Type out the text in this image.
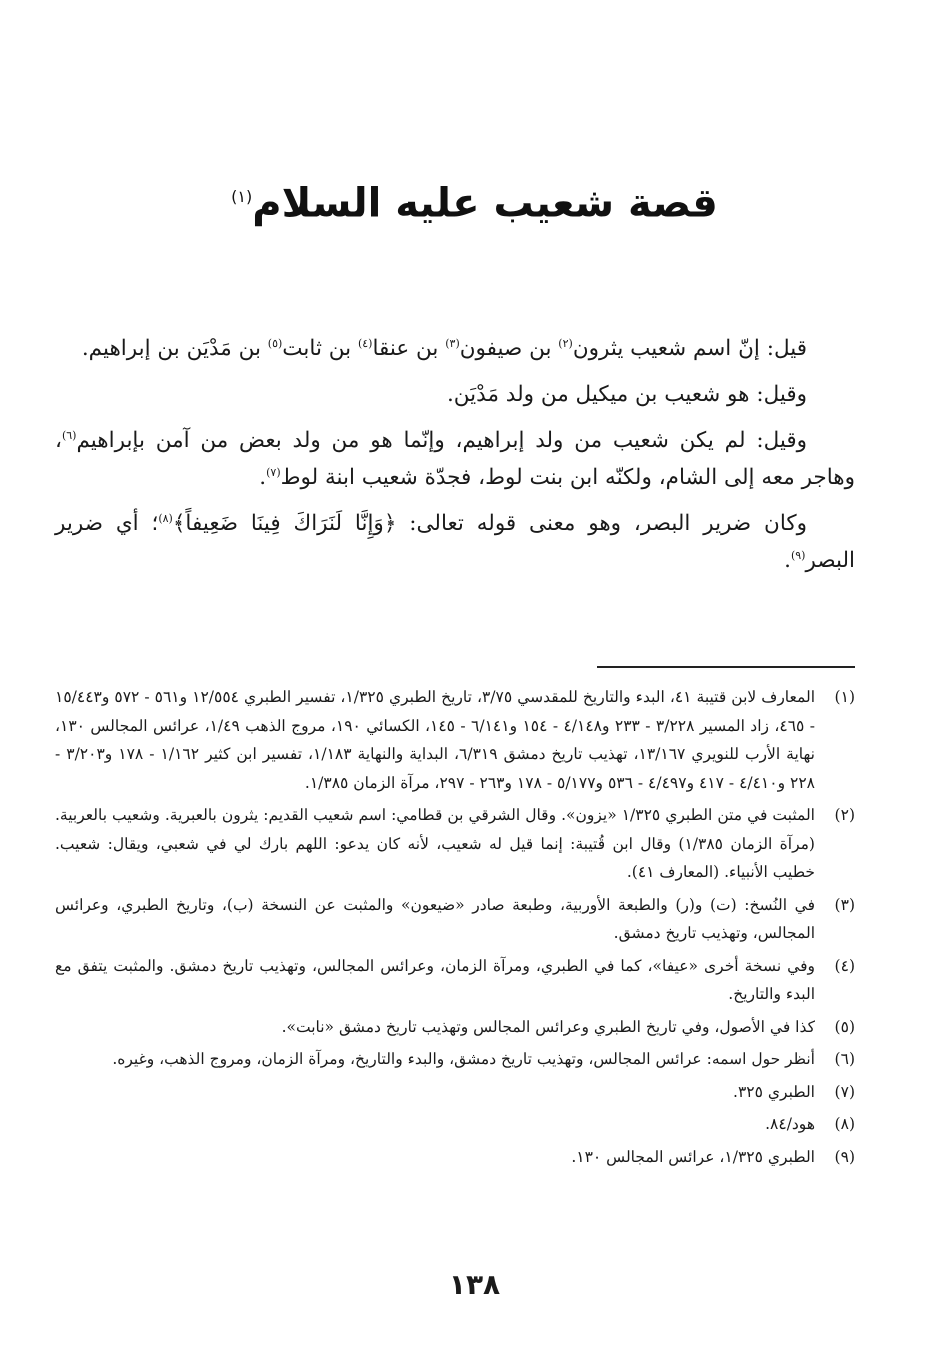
قصة شعيب عليه السلام$^{(١)}$

قيل: إنّ اسم شعيب يثرون$^{(٢)}$ بن صيفون$^{(٣)}$ بن عنقا$^{(٤)}$ بن ثابت$^{(٥)}$ بن مَدْيَن بن إبراهيم.

وقيل: هو شعيب بن ميكيل من ولد مَدْيَن.

وقيل: لم يكن شعيب من ولد إبراهيم، وإنّما هو من ولد بعض من آمن بإبراهيم$^{(٦)}$، وهاجر معه إلى الشام، ولكنّه ابن بنت لوط، فجدّة شعيب ابنة لوط$^{(٧)}$.

وكان ضرير البصر، وهو معنى قوله تعالى: ﴿وَإِنَّا لَنَرَاكَ فِينَا ضَعِيفاً﴾$^{(٨)}$؛ أي ضرير البصر$^{(٩)}$.

(١)
المعارف لابن قتيبة ٤١، البدء والتاريخ للمقدسي ٣/٧٥، تاريخ الطبري ١/٣٢٥، تفسير الطبري ١٢/٥٥٤ و٥٦١ - ٥٧٢ و١٥/٤٤٣ - ٤٦٥، زاد المسير ٣/٢٢٨ - ٢٣٣ و٤/١٤٨ - ١٥٤ و٦/١٤١ - ١٤٥، الكسائي ١٩٠، مروج الذهب ١/٤٩، عرائس المجالس ١٣٠، نهاية الأرب للنويري ١٣/١٦٧، تهذيب تاريخ دمشق ٦/٣١٩، البداية والنهاية ١/١٨٣، تفسير ابن كثير ١/١٦٢ - ١٧٨ و٣/٢٠٣ - ٢٢٨ و٤/٤١٠ - ٤١٧ و٤/٤٩٧ - ٥٣٦ و٥/١٧٧ - ١٧٨ و٢٦٣ - ٢٩٧، مرآة الزمان ١/٣٨٥.
(٢)
المثبت في متن الطبري ١/٣٢٥ «يزون». وقال الشرقي بن قطامي: اسم شعيب القديم: يثرون بالعبرية. وشعيب بالعربية. (مرآة الزمان ١/٣٨٥) وقال ابن قُتيبة: إنما قيل له شعيب، لأنه كان يدعو: اللهم بارك لي في شعبي، ويقال: شعيب. خطيب الأنبياء. (المعارف ٤١).
(٣)
في النُسخ: (ت) و(ر) والطبعة الأوربية، وطبعة صادر «ضيعون» والمثبت عن النسخة (ب)، وتاريخ الطبري، وعرائس المجالس، وتهذيب تاريخ دمشق.
(٤)
وفي نسخة أخرى «عيفا»، كما في الطبري، ومرآة الزمان، وعرائس المجالس، وتهذيب تاريخ دمشق. والمثبت يتفق مع البدء والتاريخ.
(٥)
كذا في الأصول، وفي تاريخ الطبري وعرائس المجالس وتهذيب تاريخ دمشق «نابت».
(٦)
أنظر حول اسمه: عرائس المجالس، وتهذيب تاريخ دمشق، والبدء والتاريخ، ومرآة الزمان، ومروج الذهب، وغيره.
(٧)
الطبري ٣٢٥.
(٨)
هود/٨٤.
(٩)
الطبري ١/٣٢٥، عرائس المجالس ١٣٠.
١٣٨
